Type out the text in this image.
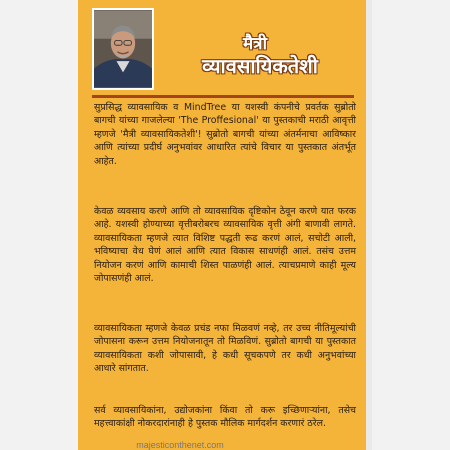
मैत्री
व्यावसायिकतेशी

सुप्रसिद्ध व्यावसायिक व MindTree या यशस्वी कंपनीचे प्रवर्तक सुब्रोतो बागची यांच्या गाजलेल्या 'The Proffesional' या पुस्तकाची मराठी आवृत्ती म्हणजे 'मैत्री व्यावसायिकतेशी'! सुब्रोतो बागची यांच्या अंतर्मनाचा आविष्कार आणि त्यांच्या प्रदीर्घ अनुभवांवर आधारित त्यांचे विचार या पुस्तकात अंतर्भूत आहेत.

केवळ व्यवसाय करणे आणि तो व्यावसायिक दृष्टिकोन ठेवून करणे यात फरक आहे. यशस्वी होण्याच्या वृत्तीबरोबरच व्यावसायिक वृत्ती अंगी बाणावी लागते. व्यावसायिकता म्हणजे त्यात विशिष्ट पद्धती रूढ करणं आलं, सचोटी आली, भविष्याचा वेध घेणं आलं आणि त्यात विकास साधणंही आलं. तसंच उत्तम नियोजन करणं आणि कामाची शिस्त पाळणंही आलं. त्याचप्रमाणे काही मूल्य जोपासणंही आलं.

व्यावसायिकता म्हणजे केवळ प्रचंड नफा मिळवणं नव्हे, तर उच्च नीतिमूल्यांची जोपासना करून उत्तम नियोजनातून तो मिळविणं. सुब्रोतो बागची या पुस्तकात व्यावसायिकता कशी जोपासावी, हे कधी सूचकपणे तर कधी अनुभवांच्या आधारे सांगतात.

सर्व व्यावसायिकांना, उद्योजकांना किंवा तो करू इच्छिणाऱ्यांना, तसेच महत्त्वाकांक्षी नोकरदारांनाही हे पुस्तक मौलिक मार्गदर्शन करणारं ठरेल.

majesticonthenet.com
